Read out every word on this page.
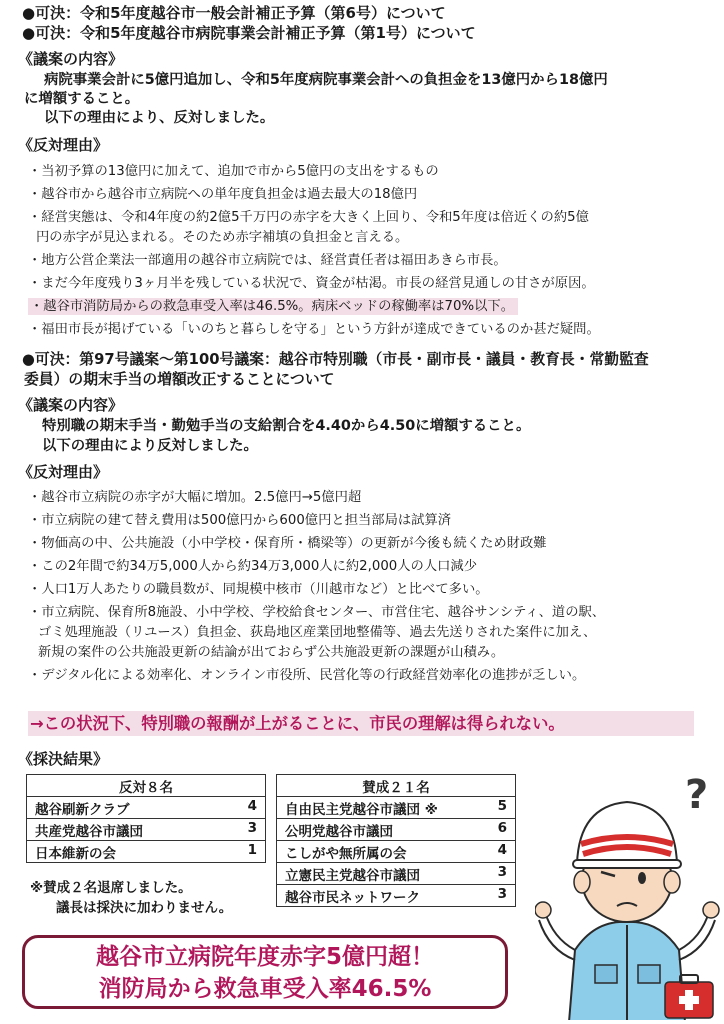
●可決：令和5年度越谷市一般会計補正予算（第6号）について
●可決：令和5年度越谷市病院事業会計補正予算（第1号）について
《議案の内容》
病院事業会計に5億円追加し、令和5年度病院事業会計への負担金を13億円から18億円
に増額すること。
以下の理由により、反対しました。
《反対理由》
・当初予算の13億円に加えて、追加で市から5億円の支出をするもの
・越谷市から越谷市立病院への単年度負担金は過去最大の18億円
・経営実態は、令和4年度の約2億5千万円の赤字を大きく上回り、令和5年度は倍近くの約5億
円の赤字が見込まれる。そのため赤字補填の負担金と言える。
・地方公営企業法一部適用の越谷市立病院では、経営責任者は福田あきら市長。
・まだ今年度残り3ヶ月半を残している状況で、資金が枯渇。市長の経営見通しの甘さが原因。
・越谷市消防局からの救急車受入率は46.5%。病床ベッドの稼働率は70%以下。
・福田市長が掲げている「いのちと暮らしを守る」という方針が達成できているのか甚だ疑問。
●可決：第97号議案～第100号議案：越谷市特別職（市長・副市長・議員・教育長・常勤監査
委員）の期末手当の増額改正することについて
《議案の内容》
特別職の期末手当・勤勉手当の支給割合を4.40から4.50に増額すること。
以下の理由により反対しました。
《反対理由》
・越谷市立病院の赤字が大幅に増加。2.5億円→5億円超
・市立病院の建て替え費用は500億円から600億円と担当部局は試算済
・物価高の中、公共施設（小中学校・保育所・橋梁等）の更新が今後も続くため財政難
・この2年間で約34万5,000人から約34万3,000人に約2,000人の人口減少
・人口1万人あたりの職員数が、同規模中核市（川越市など）と比べて多い。
・市立病院、保育所8施設、小中学校、学校給食センター、市営住宅、越谷サンシティ、道の駅、
ゴミ処理施設（リユース）負担金、荻島地区産業団地整備等、過去先送りされた案件に加え、
新規の案件の公共施設更新の結論が出ておらず公共施設更新の課題が山積み。
・デジタル化による効率化、オンライン市役所、民営化等の行政経営効率化の進捗が乏しい。
→この状況下、特別職の報酬が上がることに、市民の理解は得られない。
《採決結果》
反対８名
越谷刷新クラブ	4

共産党越谷市議団	3

日本維新の会	1
※賛成２名退席しました。
議長は採決に加わりません。
賛成２１名
自由民主党越谷市議団 ※	5

公明党越谷市議団	6

こしがや無所属の会	4

立憲民主党越谷市議団	3

越谷市民ネットワーク	3
越谷市立病院年度赤字5億円超！
消防局から救急車受入率46.5%
?
